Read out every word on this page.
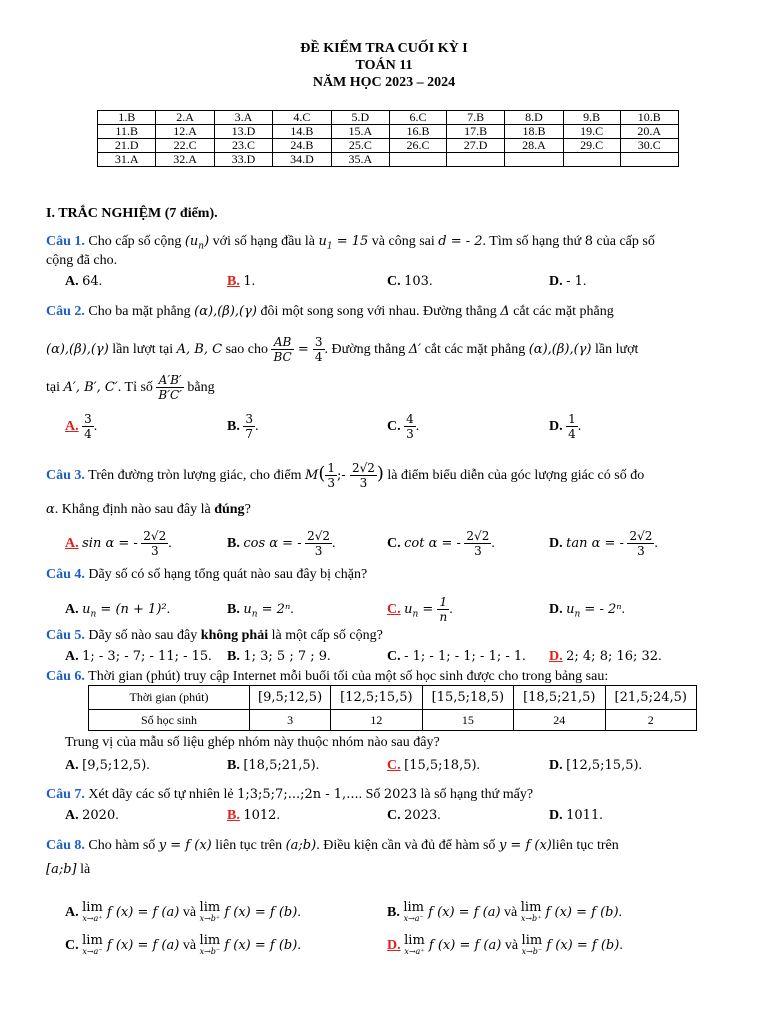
ĐỀ KIỂM TRA CUỐI KỲ I
TOÁN 11
NĂM HỌC 2023 – 2024
1.B	2.A	3.A	4.C	5.D	6.C	7.B	8.D	9.B	10.B
11.B	12.A	13.D	14.B	15.A	16.B	17.B	18.B	19.C	20.A
21.D	22.C	23.C	24.B	25.C	26.C	27.D	28.A	29.C	30.C
31.A	32.A	33.D	34.D	35.A					
I. TRẮC NGHIỆM (7 điểm).
Câu 1. Cho cấp số cộng $(u_n)$ với số hạng đầu là $u_1 = 15$ và công sai d = - 2. Tìm số hạng thứ 8 của cấp số
cộng đã cho.
A. 64.	B. 1.	C. 103.	D. - 1.
Câu 2. Cho ba mặt phẳng (α),(β),(γ) đôi một song song với nhau. Đường thẳng Δ cắt các mặt phẳng
(α),(β),(γ) lần lượt tại A, B, C sao cho $\frac{AB}{BC} = \frac{3}{4}$ . Đường thẳng Δ′ cắt các mặt phẳng (α),(β),(γ) lần lượt
tại A′, B′, C′. Tỉ số $\frac{A'B'}{B'C'}$ bằng
A. $\frac{3}{4}$ .	B. $\frac{3}{7}$ .	C. $\frac{4}{3}$ .	D. $\frac{1}{4}$ .
Câu 3. Trên đường tròn lượng giác, cho điểm $M( \frac{1}{3}$ ;- $\frac{2√2}{3}$ ) là điểm biểu diễn của góc lượng giác có số đo
α. Khẳng định nào sau đây là đúng?
A. sin α = - $\frac{2√2}{3}$ .	B. cos α = - $\frac{2√2}{3}$ .	C. cot α = - $\frac{2√2}{3}$ .	D. tan α = - $\frac{2√2}{3}$ .
Câu 4. Dãy số có số hạng tổng quát nào sau đây bị chặn?
A. $u_n = (n + 1)^2$.	B. $u_n = 2^n$.	C. $u_n = \frac{1}{n}$ .	D. $u_n$ = - 2ⁿ.
Câu 5. Dãy số nào sau đây không phải là một cấp số cộng?
A. 1; - 3; - 7; - 11; - 15. B. 1; 3; 5 ; 7 ; 9.	C. - 1; - 1; - 1; - 1; - 1. D. 2; 4; 8; 16; 32.
Câu 6. Thời gian (phút) truy cập Internet mỗi buổi tối của một số học sinh được cho trong bảng sau:
Thời gian (phút)	[9,5;12,5)	[12,5;15,5)	[15,5;18,5)	[18,5;21,5)	[21,5;24,5)
Số học sinh	3	12	15	24	2
Trung vị của mẫu số liệu ghép nhóm này thuộc nhóm nào sau đây?
A. [9,5;12,5).	B. [18,5;21,5).	C. [15,5;18,5).	D. [12,5;15,5).
Câu 7. Xét dãy các số tự nhiên lẻ 1;3;5;7;...;2n - 1,.... Số 2023 là số hạng thứ mấy?
A. 2020.	B. 1012.	C. 2023.	D. 1011.
Câu 8. Cho hàm số y = f (x) liên tục trên (a;b). Điều kiện cần và đủ để hàm số y = f (x)liên tục trên
[a;b] là
A. lim
x→a⁺ f (x) = f (a) và lim
x→b⁺ f (x) = f (b).	B. lim
x→a⁻ f (x) = f (a) và lim
x→b⁺ f (x) = f (b).
C. lim
x→a⁻ f (x) = f (a) và lim
x→b⁻ f (x) = f (b).	D. lim
x→a⁺ f (x) = f (a) và lim
x→b⁻ f (x) = f (b).
